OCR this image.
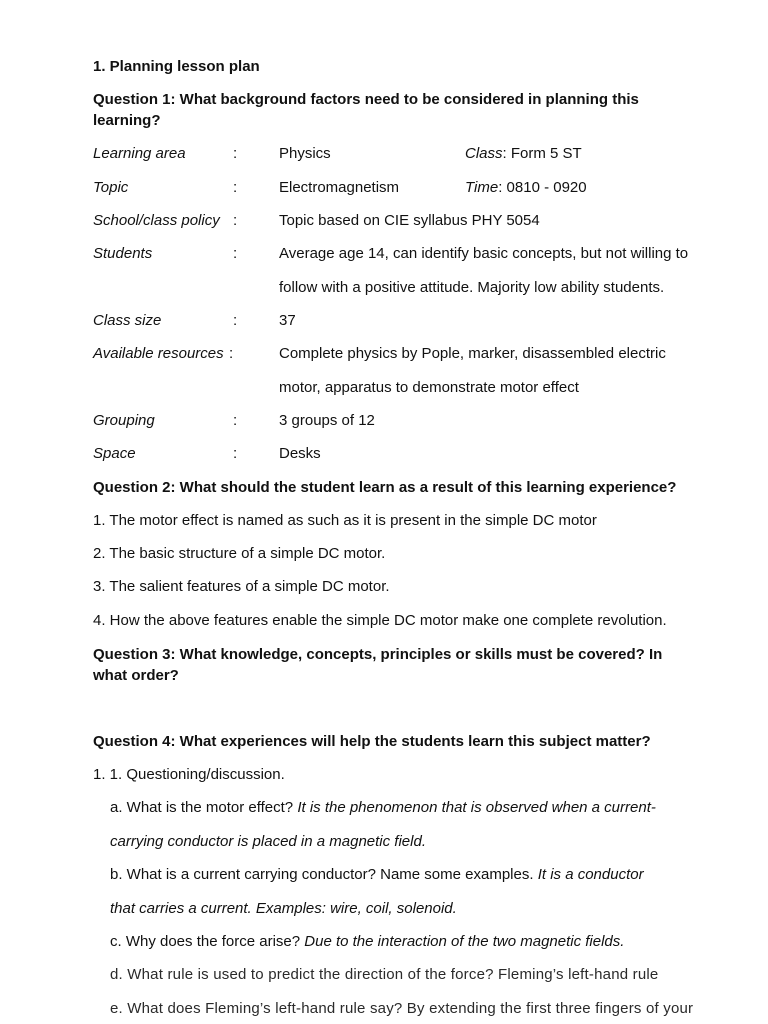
1. Planning lesson plan
Question 1: What background factors need to be considered in planning this
learning?
Learning area	:	Physics	Class: Form 5 ST
Topic	:	Electromagnetism	Time: 0810 - 0920
School/class policy :	Topic based on CIE syllabus PHY 5054
Students	:	Average age 14, can identify basic concepts, but not willing to
follow with a positive attitude. Majority low ability students.
Class size	:	37
Available resources :	Complete physics by Pople, marker, disassembled electric
motor, apparatus to demonstrate motor effect
Grouping	:	3 groups of 12
Space	:	Desks
Question 2: What should the student learn as a result of this learning experience?
1. The motor effect is named as such as it is present in the simple DC motor
2. The basic structure of a simple DC motor.
3. The salient features of a simple DC motor.
4. How the above features enable the simple DC motor make one complete revolution.
Question 3: What knowledge, concepts, principles or skills must be covered? In
what order?
Question 4: What experiences will help the students learn this subject matter?
1. 1. Questioning/discussion.
a. What is the motor effect? It is the phenomenon that is observed when a current-
carrying conductor is placed in a magnetic field.
b. What is a current carrying conductor? Name some examples. It is a conductor
that carries a current. Examples: wire, coil, solenoid.
c. Why does the force arise? Due to the interaction of the two magnetic fields.
d. What rule is used to predict the direction of the force? Fleming’s left-hand rule
e. What does Fleming’s left-hand rule say? By extending the first three fingers of your
